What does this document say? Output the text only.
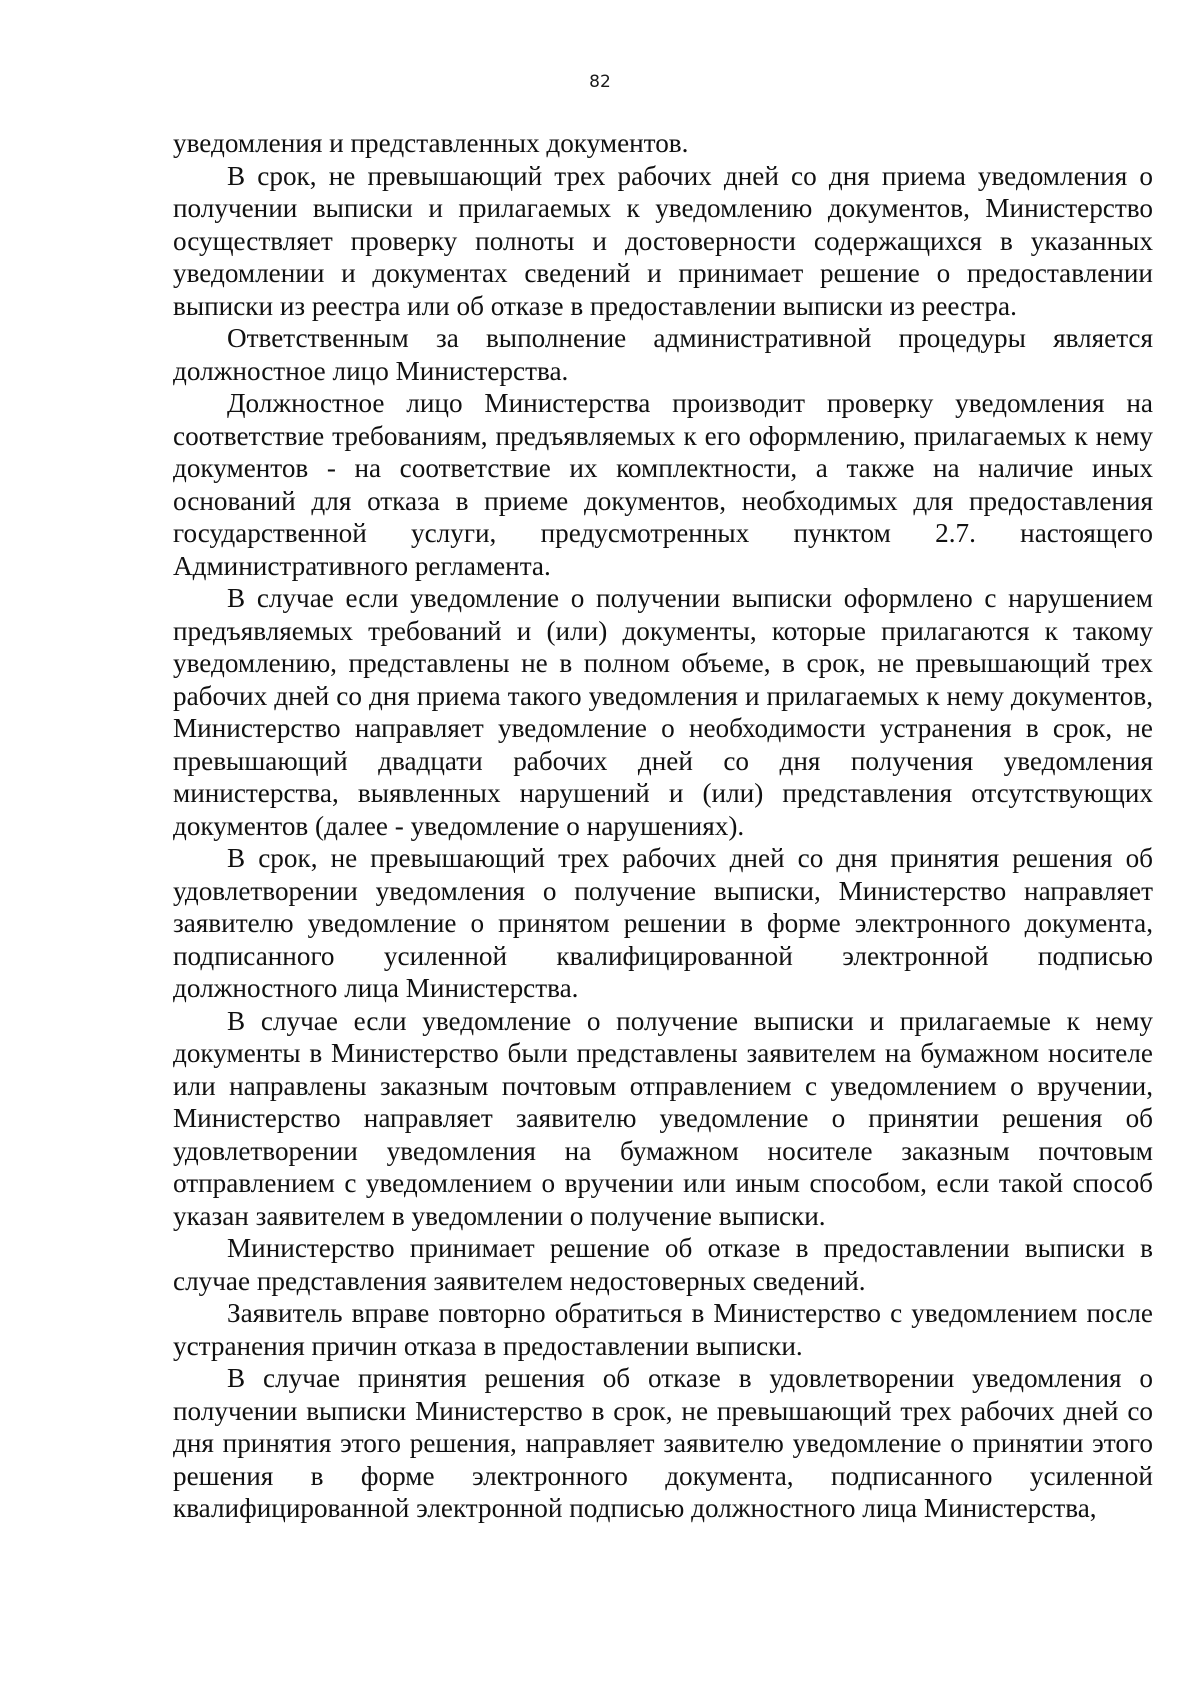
82

уведомления и представленных документов.

В срок, не превышающий трех рабочих дней со дня приема уведомления о получении выписки и прилагаемых к уведомлению документов, Министерство осуществляет проверку полноты и достоверности содержащихся в указанных уведомлении и документах сведений и принимает решение о предоставлении выписки из реестра или об отказе в предоставлении выписки из реестра.

Ответственным за выполнение административной процедуры является должностное лицо Министерства.

Должностное лицо Министерства производит проверку уведомления на соответствие требованиям, предъявляемых к его оформлению, прилагаемых к нему документов - на соответствие их комплектности, а также на наличие иных оснований для отказа в приеме документов, необходимых для предоставления государственной услуги, предусмотренных пунктом 2.7. настоящего Административного регламента.

В случае если уведомление о получении выписки оформлено с нарушением предъявляемых требований и (или) документы, которые прилагаются к такому уведомлению, представлены не в полном объеме, в срок, не превышающий трех рабочих дней со дня приема такого уведомления и прилагаемых к нему документов, Министерство направляет уведомление о необходимости устранения в срок, не превышающий двадцати рабочих дней со дня получения уведомления министерства, выявленных нарушений и (или) представления отсутствующих документов (далее - уведомление о нарушениях).

В срок, не превышающий трех рабочих дней со дня принятия решения об удовлетворении уведомления о получение выписки, Министерство направляет заявителю уведомление о принятом решении в форме электронного документа, подписанного усиленной квалифицированной электронной подписью должностного лица Министерства.

В случае если уведомление о получение выписки и прилагаемые к нему документы в Министерство были представлены заявителем на бумажном носителе или направлены заказным почтовым отправлением с уведомлением о вручении, Министерство направляет заявителю уведомление о принятии решения об удовлетворении уведомления на бумажном носителе заказным почтовым отправлением с уведомлением о вручении или иным способом, если такой способ указан заявителем в уведомлении о получение выписки.

Министерство принимает решение об отказе в предоставлении выписки в случае представления заявителем недостоверных сведений.

Заявитель вправе повторно обратиться в Министерство с уведомлением после устранения причин отказа в предоставлении выписки.

В случае принятия решения об отказе в удовлетворении уведомления о получении выписки Министерство в срок, не превышающий трех рабочих дней со дня принятия этого решения, направляет заявителю уведомление о принятии этого решения в форме электронного документа, подписанного усиленной квалифицированной электронной подписью должностного лица Министерства,
